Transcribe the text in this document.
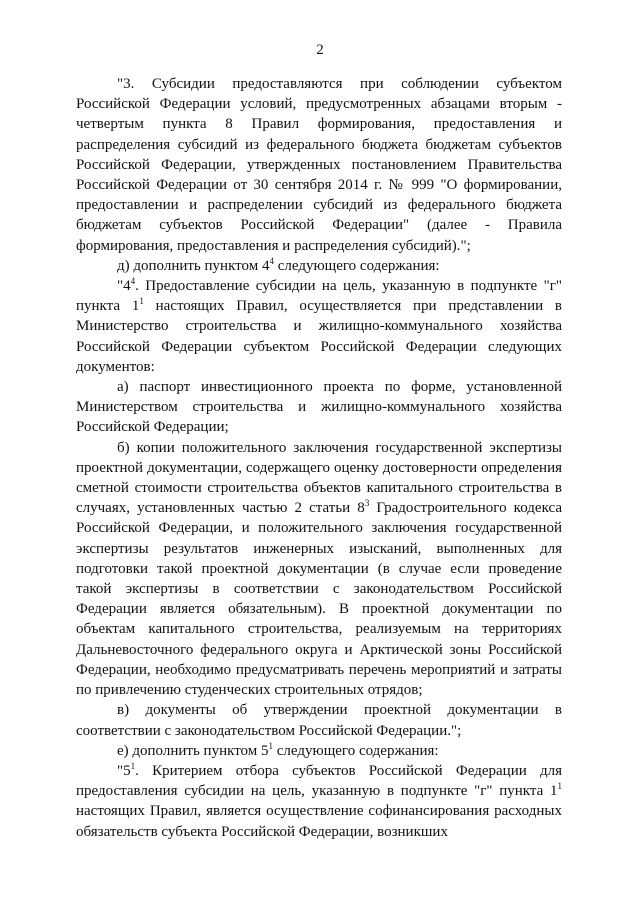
2

"3. Субсидии предоставляются при соблюдении субъектом Российской Федерации условий, предусмотренных абзацами вторым - четвертым пункта 8 Правил формирования, предоставления и распределения субсидий из федерального бюджета бюджетам субъектов Российской Федерации, утвержденных постановлением Правительства Российской Федерации от 30 сентября 2014 г. № 999 "О формировании, предоставлении и распределении субсидий из федерального бюджета бюджетам субъектов Российской Федерации" (далее - Правила формирования, предоставления и распределения субсидий).";

д) дополнить пунктом $4^4$ следующего содержания:

"$4^4$. Предоставление субсидии на цель, указанную в подпункте "г" пункта $1^1$ настоящих Правил, осуществляется при представлении в Министерство строительства и жилищно-коммунального хозяйства Российской Федерации субъектом Российской Федерации следующих документов:

а) паспорт инвестиционного проекта по форме, установленной Министерством строительства и жилищно-коммунального хозяйства Российской Федерации;

б) копии положительного заключения государственной экспертизы проектной документации, содержащего оценку достоверности определения сметной стоимости строительства объектов капитального строительства в случаях, установленных частью 2 статьи $8^3$ Градостроительного кодекса Российской Федерации, и положительного заключения государственной экспертизы результатов инженерных изысканий, выполненных для подготовки такой проектной документации (в случае если проведение такой экспертизы в соответствии с законодательством Российской Федерации является обязательным). В проектной документации по объектам капитального строительства, реализуемым на территориях Дальневосточного федерального округа и Арктической зоны Российской Федерации, необходимо предусматривать перечень мероприятий и затраты по привлечению студенческих строительных отрядов;

в) документы об утверждении проектной документации в соответствии с законодательством Российской Федерации.";

е) дополнить пунктом $5^1$ следующего содержания:

"$5^1$. Критерием отбора субъектов Российской Федерации для предоставления субсидии на цель, указанную в подпункте "г" пункта $1^1$ настоящих Правил, является осуществление софинансирования расходных обязательств субъекта Российской Федерации, возникших
